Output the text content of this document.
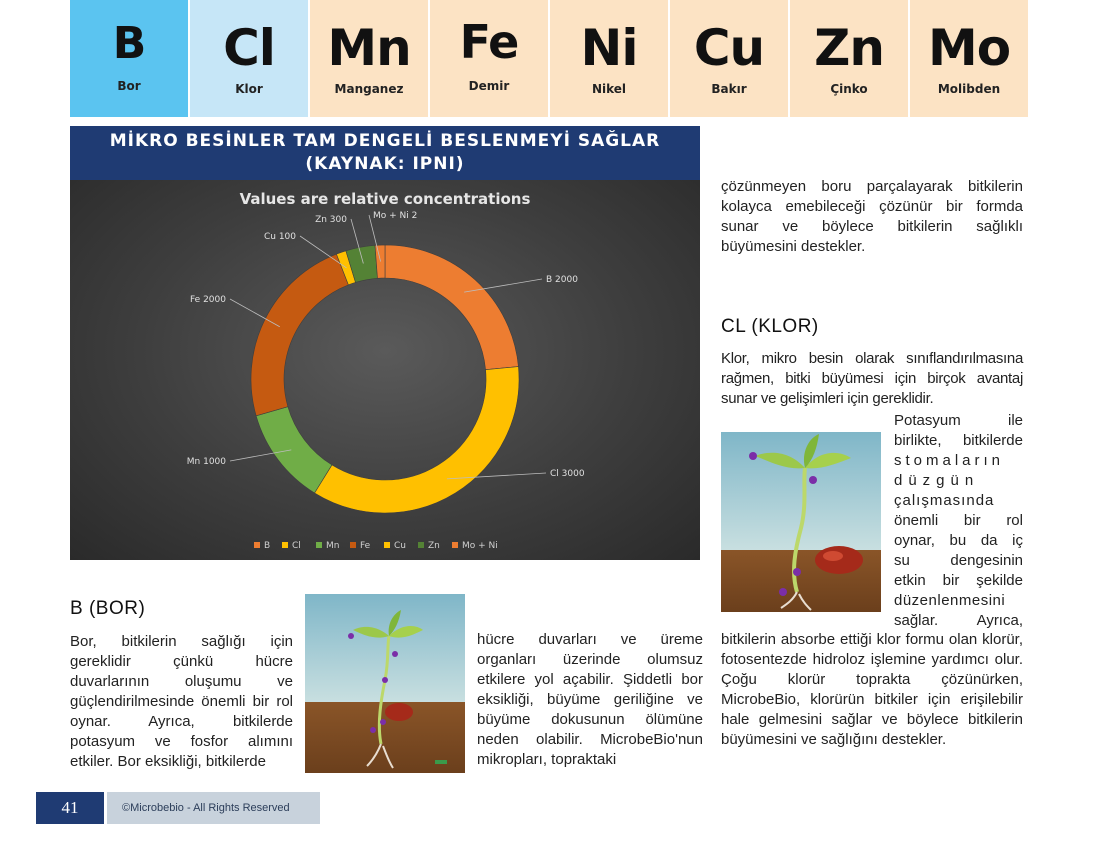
B
Bor
Cl
Klor
Mn
Manganez
Fe
Demir
Ni
Nikel
Cu
Bakır
Zn
Çinko
Mo
Molibden
MİKRO BESİNLER TAM DENGELİ BESLENMEYİ SAĞLAR (KAYNAK: IPNI)
Values are relative concentrations
B 2000
Cl 3000
Mn 1000
Fe 2000
Cu 100
Zn 300	Mo + Ni 2
B Cl	Mn Fe	Cu Zn Mo + Ni

çözünmeyen boru parçalayarak bitkilerin kolayca emebileceği çözünür bir formda sunar ve böylece bitkilerin sağlıklı büyümesini destekler.

CL (KLOR)

Klor, mikro besin olarak sınıflandırılmasına rağmen, bitki büyümesi için birçok avantaj sunar ve gelişimleri için gereklidir.

Potasyum ile
birlikte, bitkilerde
stomaların
düzgün
çalışmasında
önemli bir rol
oynar, bu da iç
su dengesinin
etkin bir şekilde
düzenlenmesini
sağlar. Ayrıca,

bitkilerin absorbe ettiği klor formu olan klorür, fotosentezde hidroloz işlemine yardımcı olur. Çoğu klorür toprakta çözünürken, MicrobeBio, klorürün bitkiler için erişilebilir hale gelmesini sağlar ve böylece bitkilerin büyümesini ve sağlığını destekler.

B (BOR)

Bor, bitkilerin sağlığı için gereklidir çünkü hücre duvarlarının oluşumu ve güçlendirilmesinde önemli bir rol oynar. Ayrıca, bitkilerde potasyum ve fosfor alımını etkiler. Bor eksikliği, bitkilerde

hücre duvarları ve üreme organları üzerinde olumsuz etkilere yol açabilir. Şiddetli bor eksikliği, büyüme geriliğine ve büyüme dokusunun ölümüne neden olabilir. MicrobeBio'nun mikropları, topraktaki

41	©Microbebio - All Rights Reserved
